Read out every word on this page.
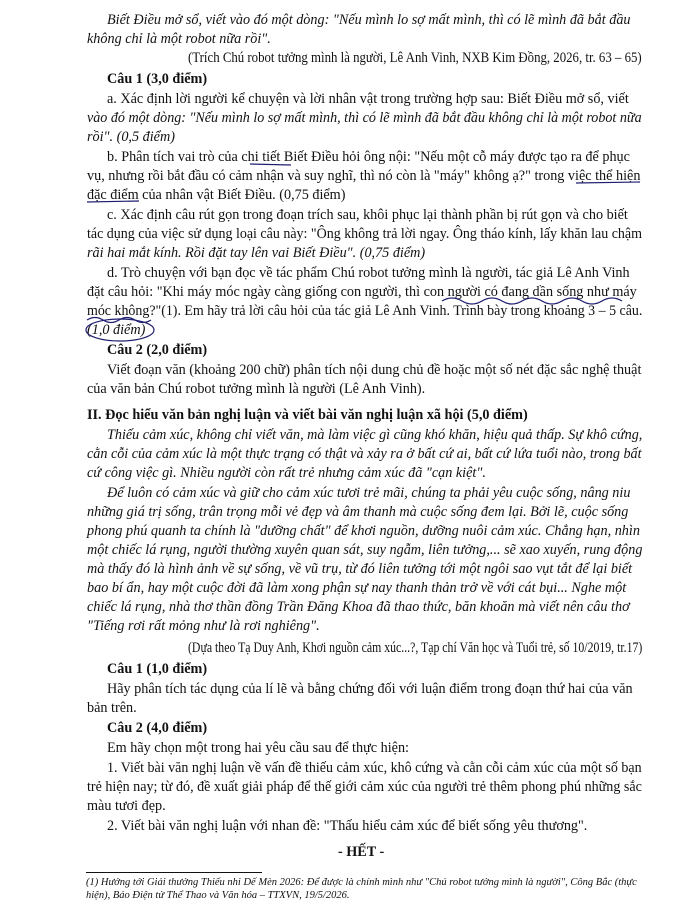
Biết Điều mở sổ, viết vào đó một dòng: "Nếu mình lo sợ mất mình, thì có lẽ mình đã bắt đầu
không chỉ là một robot nữa rồi".
(Trích Chú robot tưởng mình là người, Lê Anh Vinh, NXB Kim Đồng, 2026, tr. 63 – 65)
Câu 1 (3,0 điểm)
a. Xác định lời người kể chuyện và lời nhân vật trong trường hợp sau: Biết Điều mở sổ, viết
vào đó một dòng: "Nếu mình lo sợ mất mình, thì có lẽ mình đã bắt đầu không chỉ là một robot nữa
rồi". (0,5 điểm)
b. Phân tích vai trò của chi tiết Biết Điều hỏi ông nội: "Nếu một cỗ máy được tạo ra để phục
vụ, nhưng rồi bắt đầu có cảm nhận và suy nghĩ, thì nó còn là "máy" không ạ?" trong việc thể hiện
đặc điểm của nhân vật Biết Điều. (0,75 điểm)
c. Xác định câu rút gọn trong đoạn trích sau, khôi phục lại thành phần bị rút gọn và cho biết
tác dụng của việc sử dụng loại câu này: "Ông không trả lời ngay. Ông tháo kính, lấy khăn lau chậm
rãi hai mắt kính. Rồi đặt tay lên vai Biết Điều". (0,75 điểm)
d. Trò chuyện với bạn đọc về tác phẩm Chú robot tưởng mình là người, tác giả Lê Anh Vinh
đặt câu hỏi: "Khi máy móc ngày càng giống con người, thì con người có đang dần sống như máy
móc không?"(1). Em hãy trả lời câu hỏi của tác giả Lê Anh Vinh. Trình bày trong khoảng 3 – 5 câu.
(1,0 điểm)
Câu 2 (2,0 điểm)
Viết đoạn văn (khoảng 200 chữ) phân tích nội dung chủ đề hoặc một số nét đặc sắc nghệ thuật
của văn bản Chú robot tưởng mình là người (Lê Anh Vinh).
II. Đọc hiểu văn bản nghị luận và viết bài văn nghị luận xã hội (5,0 điểm)
Thiếu cảm xúc, không chỉ viết văn, mà làm việc gì cũng khó khăn, hiệu quả thấp. Sự khô cứng,
cằn cỗi của cảm xúc là một thực trạng có thật và xảy ra ở bất cứ ai, bất cứ lứa tuổi nào, trong bất
cứ công việc gì. Nhiều người còn rất trẻ nhưng cảm xúc đã "cạn kiệt".
Để luôn có cảm xúc và giữ cho cảm xúc tươi trẻ mãi, chúng ta phải yêu cuộc sống, nâng niu
những giá trị sống, trân trọng mỗi vẻ đẹp và âm thanh mà cuộc sống đem lại. Bởi lẽ, cuộc sống
phong phú quanh ta chính là "dưỡng chất" để khơi nguồn, dưỡng nuôi cảm xúc. Chẳng hạn, nhìn
một chiếc lá rụng, người thường xuyên quan sát, suy ngẫm, liên tưởng,... sẽ xao xuyến, rung động
mà thấy đó là hình ảnh về sự sống, về vũ trụ, từ đó liên tưởng tới một ngôi sao vụt tắt để lại biết
bao bí ẩn, hay một cuộc đời đã làm xong phận sự nay thanh thản trở về với cát bụi... Nghe một
chiếc lá rụng, nhà thơ thần đồng Trần Đăng Khoa đã thao thức, băn khoăn mà viết nên câu thơ
"Tiếng rơi rất mỏng như là rơi nghiêng".
(Dựa theo Tạ Duy Anh, Khơi nguồn cảm xúc...?, Tạp chí Văn học và Tuổi trẻ, số 10/2019, tr.17)
Câu 1 (1,0 điểm)
Hãy phân tích tác dụng của lí lẽ và bằng chứng đối với luận điểm trong đoạn thứ hai của văn
bản trên.
Câu 2 (4,0 điểm)
Em hãy chọn một trong hai yêu cầu sau để thực hiện:
1. Viết bài văn nghị luận về vấn đề thiếu cảm xúc, khô cứng và cằn cỗi cảm xúc của một số bạn
trẻ hiện nay; từ đó, đề xuất giải pháp để thế giới cảm xúc của người trẻ thêm phong phú những sắc
màu tươi đẹp.
2. Viết bài văn nghị luận với nhan đề: "Thấu hiểu cảm xúc để biết sống yêu thương".
- HẾT -
(1) Hướng tới Giải thưởng Thiếu nhi Dế Mèn 2026: Để được là chính mình như "Chú robot tưởng mình là người", Công Bắc (thực
hiện), Báo Điện tử Thể Thao và Văn hóa – TTXVN, 19/5/2026.
